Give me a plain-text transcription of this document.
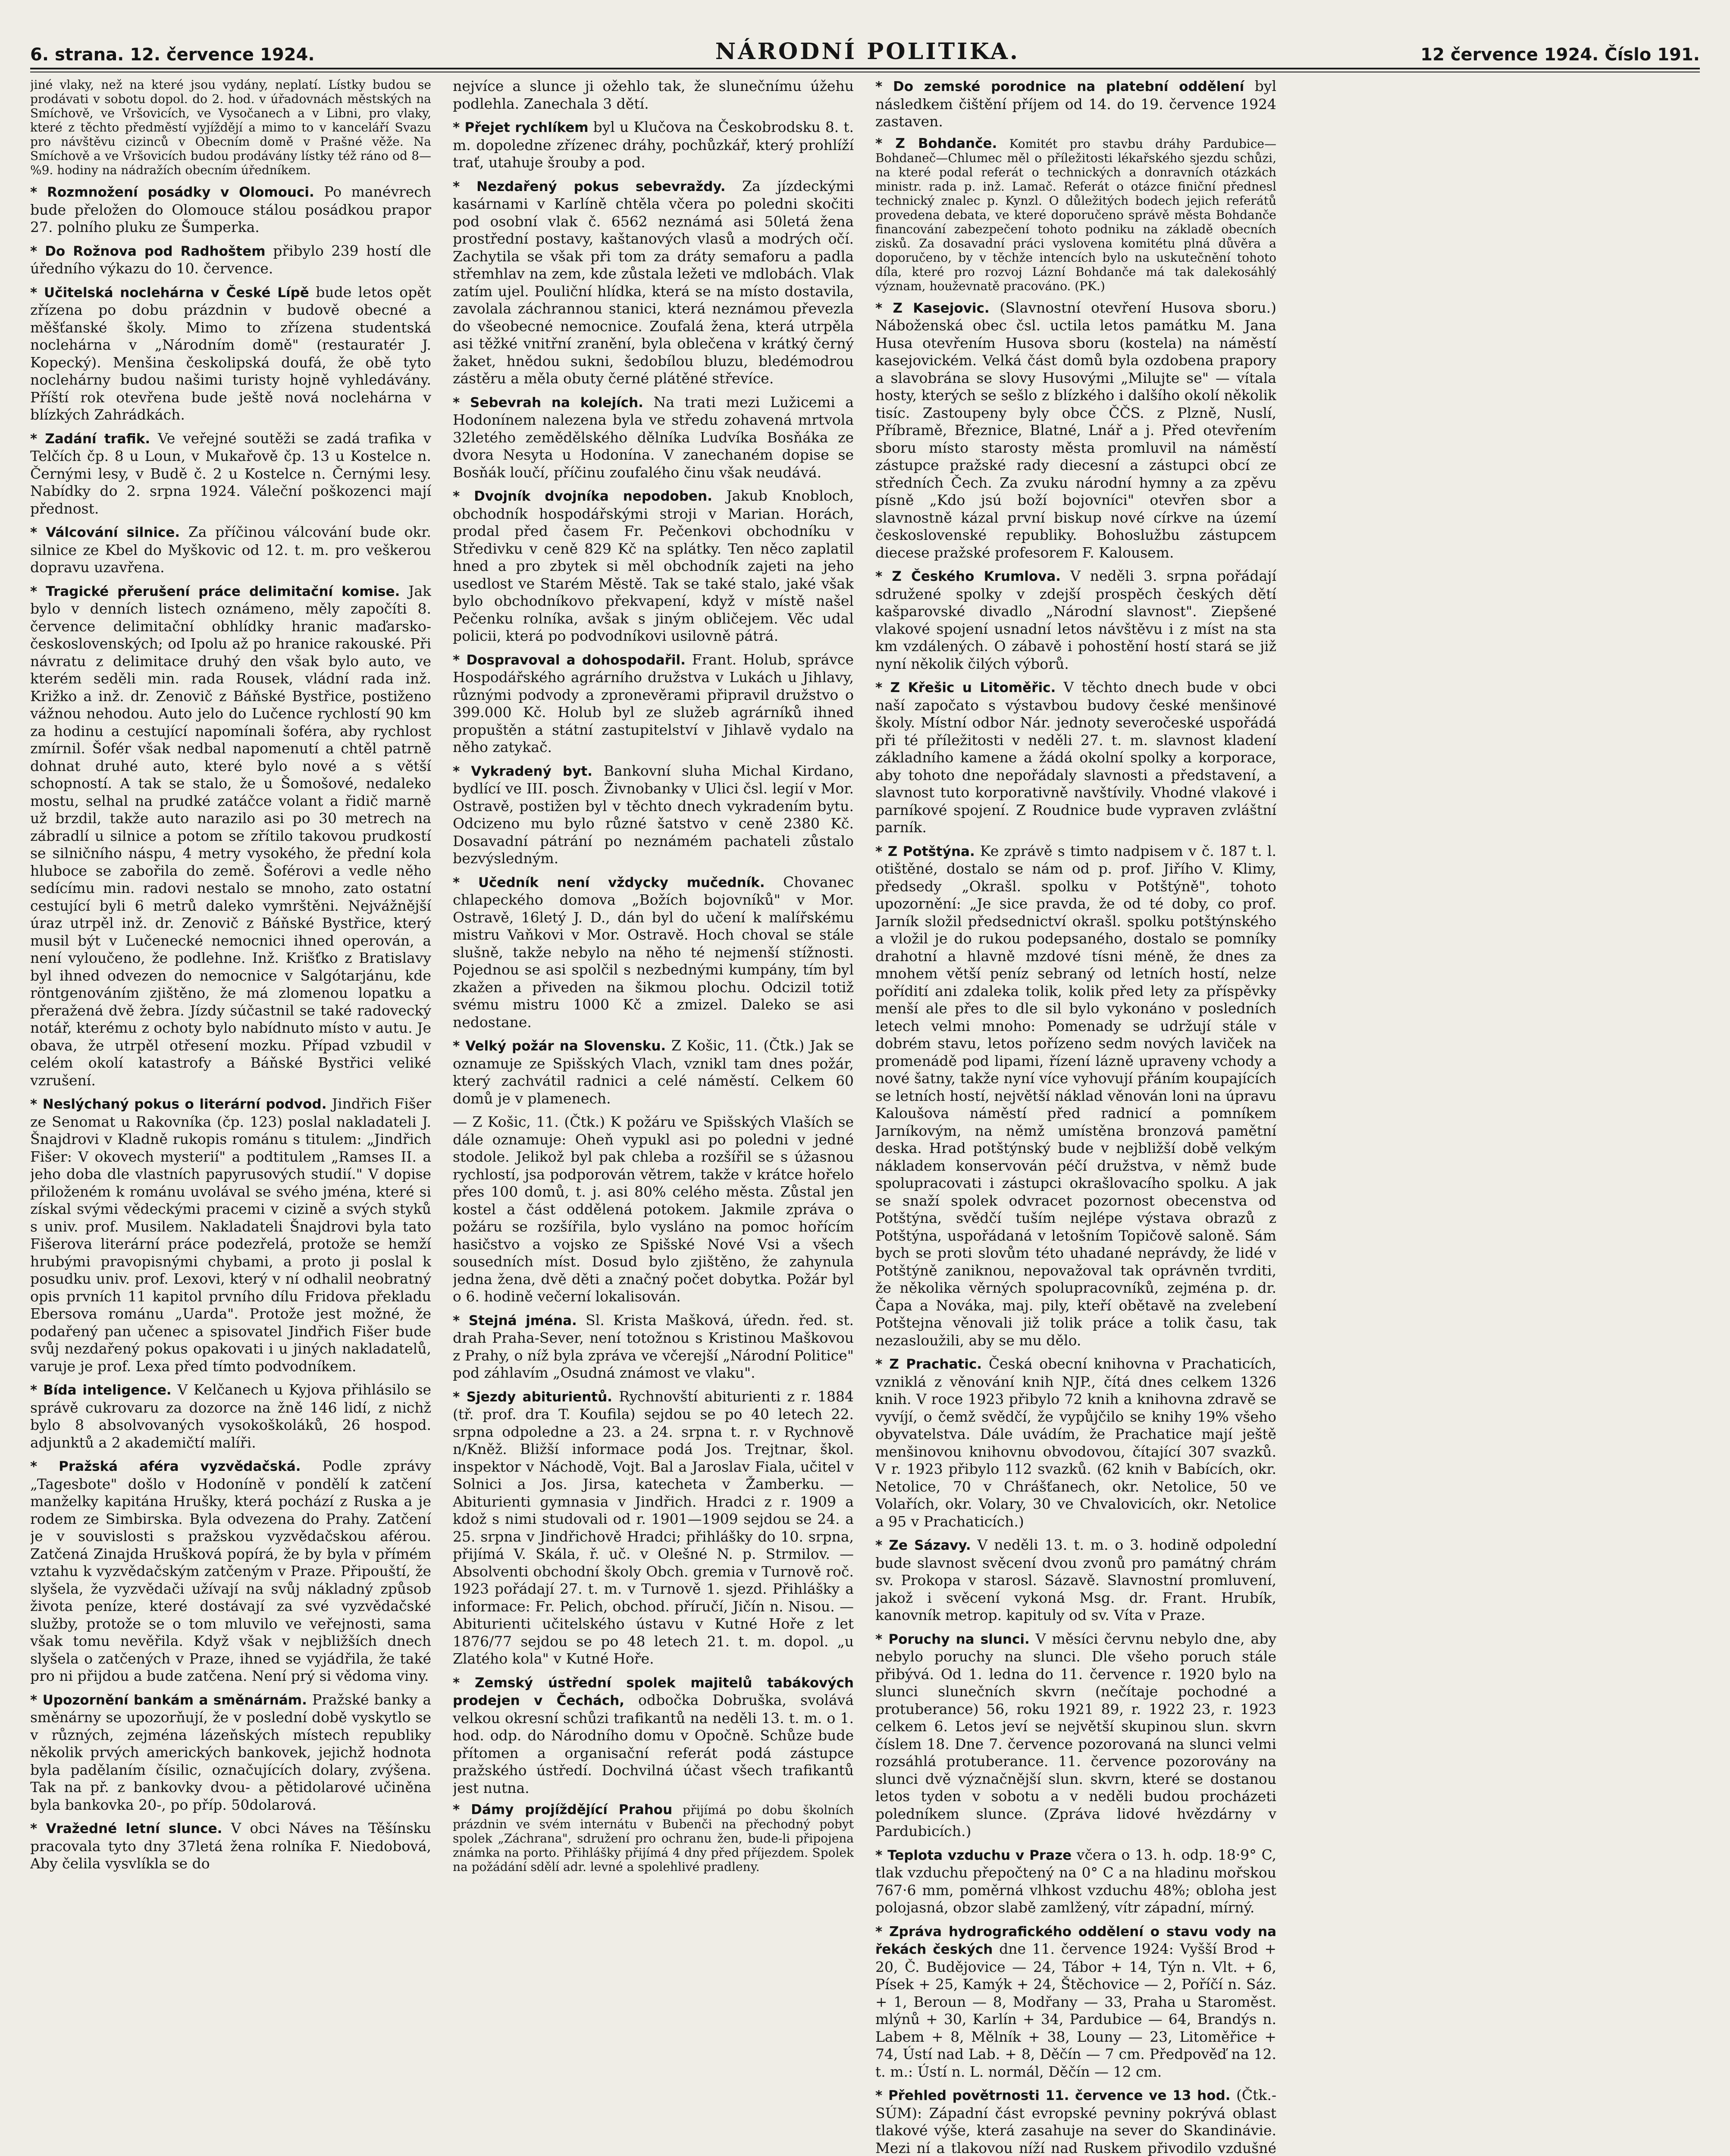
6. strana. 12. července 1924.	NÁRODNÍ POLITIKA.	12 července 1924. Číslo 191.

jiné vlaky, než na které jsou vydány, neplatí. Lístky budou se prodávati v sobotu dopol. do 2. hod. v úřadovnách městských na Smíchově, ve Vršovicích, ve Vysočanech a v Libni, pro vlaky, které z těchto předměstí vyjíždějí a mimo to v kanceláří Svazu pro návštěvu cizinců v Obecním domě v Prašné věže. Na Smíchově a ve Vršovicích budou prodávány lístky též ráno od 8—%9. hodiny na nádražích obecním úředníkem.

* Rozmnožení posádky v Olomouci. Po manévrech bude přeložen do Olomouce stálou posádkou prapor 27. polního pluku ze Šumperka.

* Do Rožnova pod Radhoštem přibylo 239 hostí dle úředního výkazu do 10. července.

* Učitelská noclehárna v České Lípě bude letos opět zřízena po dobu prázdnin v budově obecné a měšťanské školy. Mimo to zřízena studentská noclehárna v „Národním domě" (restauratér J. Kopecký). Menšina českolipská doufá, že obě tyto noclehárny budou našimi turisty hojně vyhledávány. Příští rok otevřena bude ještě nová noclehárna v blízkých Zahrádkách.

* Zadání trafik. Ve veřejné soutěži se zadá trafika v Telčích čp. 8 u Loun, v Mukařově čp. 13 u Kostelce n. Černými lesy, v Budě č. 2 u Kostelce n. Černými lesy. Nabídky do 2. srpna 1924. Váleční poškozenci mají přednost.

* Válcování silnice. Za příčinou válcování bude okr. silnice ze Kbel do Myškovic od 12. t. m. pro veškerou dopravu uzavřena.

* Tragické přerušení práce delimitační komise. Jak bylo v denních listech oznámeno, měly započíti 8. července delimitační obhlídky hranic maďarsko-československých; od Ipolu až po hranice rakouské. Při návratu z delimitace druhý den však bylo auto, ve kterém seděli min. rada Rousek, vládní rada inž. Križko a inž. dr. Zenovič z Báňské Bystřice, postiženo vážnou nehodou. Auto jelo do Lučence rychlostí 90 km za hodinu a cestující napomínali šoféra, aby rychlost zmírnil. Šofér však nedbal napomenutí a chtěl patrně dohnat druhé auto, které bylo nové a s větší schopností. A tak se stalo, že u Šomošové, nedaleko mostu, selhal na prudké zatáčce volant a řidič marně už brzdil, takže auto narazilo asi po 30 metrech na zábradlí u silnice a potom se zřítilo takovou prudkostí se silničního náspu, 4 metry vysokého, že přední kola hluboce se zabořila do země. Šoférovi a vedle něho sedícímu min. radovi nestalo se mnoho, zato ostatní cestující byli 6 metrů daleko vymrštěni. Nejvážnější úraz utrpěl inž. dr. Zenovič z Báňské Bystřice, který musil být v Lučenecké nemocnici ihned operován, a není vyloučeno, že podlehne. Inž. Krišťko z Bratislavy byl ihned odvezen do nemocnice v Salgótarjánu, kde röntgenováním zjištěno, že má zlomenou lopatku a přeražená dvě žebra. Jízdy súčastnil se také radovecký notář, kterému z ochoty bylo nabídnuto místo v autu. Je obava, že utrpěl otřesení mozku. Případ vzbudil v celém okolí katastrofy a Báňské Bystřici veliké vzrušení.

* Neslýchaný pokus o literární podvod. Jindřich Fišer ze Senomat u Rakovníka (čp. 123) poslal nakladateli J. Šnajdrovi v Kladně rukopis románu s titulem: „Jindřich Fišer: V okovech mysterií" a podtitulem „Ramses II. a jeho doba dle vlastních papyrusových studií." V dopise přiloženém k románu uvolával se svého jména, které si získal svými vědeckými pracemi v cizině a svých styků s univ. prof. Musilem. Nakladateli Šnajdrovi byla tato Fišerova literární práce podezřelá, protože se hemží hrubými pravopisnými chybami, a proto ji poslal k posudku univ. prof. Lexovi, který v ní odhalil neobratný opis prvních 11 kapitol prvního dílu Fridova překladu Ebersova románu „Uarda". Protože jest možné, že podařený pan učenec a spisovatel Jindřich Fišer bude svůj nezdařený pokus opakovati i u jiných nakladatelů, varuje je prof. Lexa před tímto podvodníkem.

* Bída inteligence. V Kelčanech u Kyjova přihlásilo se správě cukrovaru za dozorce na žně 146 lidí, z nichž bylo 8 absolvovaných vysokoškoláků, 26 hospod. adjunktů a 2 akademičtí malíři.

* Pražská aféra vyzvědačská. Podle zprávy „Tagesbote" došlo v Hodoníně v pondělí k zatčení manželky kapitána Hrušky, která pochází z Ruska a je rodem ze Simbirska. Byla odvezena do Prahy. Zatčení je v souvislosti s pražskou vyzvědačskou aférou. Zatčená Zinajda Hrušková popírá, že by byla v přímém vztahu k vyzvědačským zatčeným v Praze. Připouští, že slyšela, že vyzvědači užívají na svůj nákladný způsob života peníze, které dostávají za své vyzvědačské služby, protože se o tom mluvilo ve veřejnosti, sama však tomu nevěřila. Když však v nejbližších dnech slyšela o zatčených v Praze, ihned se vyjádřila, že také pro ni přijdou a bude zatčena. Není prý si vědoma viny.

* Upozornění bankám a směnárnám. Pražské banky a směnárny se upozorňují, že v poslední době vyskytlo se v různých, zejména lázeňských místech republiky několik prvých amerických bankovek, jejichž hodnota byla padělaním čísilic, označujících dolary, zvýšena. Tak na př. z bankovky dvou- a pětidolarové učiněna byla bankovka 20-, po příp. 50dolarová.

* Vražedné letní slunce. V obci Náves na Těšínsku pracovala tyto dny 37letá žena rolníka F. Niedobová, Aby čelila vysvlíkla se do

nejvíce a slunce ji ožehlo tak, že slunečnímu úžehu podlehla. Zanechala 3 dětí.

* Přejet rychlíkem byl u Klučova na Českobrodsku 8. t. m. dopoledne zřízenec dráhy, pochůzkář, který prohlíží trať, utahuje šrouby a pod.

* Nezdařený pokus sebevraždy. Za jízdeckými kasárnami v Karlíně chtěla včera po poledni skočiti pod osobní vlak č. 6562 neznámá asi 50letá žena prostřední postavy, kaštanových vlasů a modrých očí. Zachytila se však při tom za dráty semaforu a padla střemhlav na zem, kde zůstala ležeti ve mdlobách. Vlak zatím ujel. Pouliční hlídka, která se na místo dostavila, zavolala záchrannou stanici, která neznámou převezla do všeobecné nemocnice. Zoufalá žena, která utrpěla asi těžké vnitřní zranění, byla oblečena v krátký černý žaket, hnědou sukni, šedobílou bluzu, bledémodrou zástěru a měla obuty černé plátěné střevíce.

* Sebevrah na kolejích. Na trati mezi Lužicemi a Hodonínem nalezena byla ve středu zohavená mrtvola 32letého zemědělského dělníka Ludvíka Bosňáka ze dvora Nesyta u Hodonína. V zanechaném dopise se Bosňák loučí, příčinu zoufalého činu však neudává.

* Dvojník dvojníka nepodoben. Jakub Knobloch, obchodník hospodářskými stroji v Marian. Horách, prodal před časem Fr. Pečenkovi obchodníku v Středivku v ceně 829 Kč na splátky. Ten něco zaplatil hned a pro zbytek si měl obchodník zajeti na jeho usedlost ve Starém Městě. Tak se také stalo, jaké však bylo obchodníkovo překvapení, když v místě našel Pečenku rolníka, avšak s jiným obličejem. Věc udal policii, která po podvodníkovi usilovně pátrá.

* Dospravoval a dohospodařil. Frant. Holub, správce Hospodářského agrárního družstva v Lukách u Jihlavy, různými podvody a zpronevěrami připravil družstvo o 399.000 Kč. Holub byl ze služeb agrárníků ihned propuštěn a státní zastupitelství v Jihlavě vydalo na něho zatykač.

* Vykradený byt. Bankovní sluha Michal Kirdano, bydlící ve III. posch. Živnobanky v Ulici čsl. legií v Mor. Ostravě, postižen byl v těchto dnech vykradením bytu. Odcizeno mu bylo různé šatstvo v ceně 2380 Kč. Dosavadní pátrání po neznámém pachateli zůstalo bezvýsledným.

* Učedník není vždycky mučedník. Chovanec chlapeckého domova „Božích bojovníků" v Mor. Ostravě, 16letý J. D., dán byl do učení k malířskému mistru Vaňkovi v Mor. Ostravě. Hoch choval se stále slušně, takže nebylo na něho té nejmenší stížnosti. Pojednou se asi spolčil s nezbednými kumpány, tím byl zkažen a přiveden na šikmou plochu. Odcizil totiž svému mistru 1000 Kč a zmizel. Daleko se asi nedostane.

* Velký požár na Slovensku. Z Košic, 11. (Čtk.) Jak se oznamuje ze Spišských Vlach, vznikl tam dnes požár, který zachvátil radnici a celé náměstí. Celkem 60 domů je v plamenech.

— Z Košic, 11. (Čtk.) K požáru ve Spišských Vlaších se dále oznamuje: Oheň vypukl asi po poledni v jedné stodole. Jelikož byl pak chleba a rozšířil se s úžasnou rychlostí, jsa podporován větrem, takže v krátce hořelo přes 100 domů, t. j. asi 80% celého města. Zůstal jen kostel a část oddělená potokem. Jakmile zpráva o požáru se rozšířila, bylo vysláno na pomoc hořícím hasičstvo a vojsko ze Spišské Nové Vsi a všech sousedních míst. Dosud bylo zjištěno, že zahynula jedna žena, dvě děti a značný počet dobytka. Požár byl o 6. hodině večerní lokalisován.

* Stejná jména. Sl. Krista Mašková, úředn. řed. st. drah Praha-Sever, není totožnou s Kristinou Maškovou z Prahy, o níž byla zpráva ve včerejší „Národní Politice" pod záhlavím „Osudná známost ve vlaku".

* Sjezdy abiturientů. Rychnovští abiturienti z r. 1884 (tř. prof. dra T. Koufila) sejdou se po 40 letech 22. srpna odpoledne a 23. a 24. srpna t. r. v Rychnově n/Kněž. Bližší informace podá Jos. Trejtnar, škol. inspektor v Náchodě, Vojt. Bal a Jaroslav Fiala, učitel v Solnici a Jos. Jirsa, katecheta v Žamberku. — Abiturienti gymnasia v Jindřich. Hradci z r. 1909 a kdož s nimi studovali od r. 1901—1909 sejdou se 24. a 25. srpna v Jindřichově Hradci; přihlášky do 10. srpna, přijímá V. Skála, ř. uč. v Olešné N. p. Strmilov. — Absolventi obchodní školy Obch. gremia v Turnově roč. 1923 pořádají 27. t. m. v Turnově 1. sjezd. Přihlášky a informace: Fr. Pelich, obchod. příručí, Jičín n. Nisou. — Abiturienti učitelského ústavu v Kutné Hoře z let 1876/77 sejdou se po 48 letech 21. t. m. dopol. „u Zlatého kola" v Kutné Hoře.

* Zemský ústřední spolek majitelů tabákových prodejen v Čechách, odbočka Dobruška, svolává velkou okresní schůzi trafikantů na neděli 13. t. m. o 1. hod. odp. do Národního domu v Opočně. Schůze bude přítomen a organisační referát podá zástupce pražského ústředí. Dochvilná účast všech trafikantů jest nutna.

* Dámy projíždějící Prahou přijímá po dobu školních prázdnin ve svém internátu v Bubenči na přechodný pobyt spolek „Záchrana", sdružení pro ochranu žen, bude-li připojena známka na porto. Přihlášky přijímá 4 dny před příjezdem. Spolek na požádání sdělí adr. levné a spolehlivé pradleny.

* Do zemské porodnice na platební oddělení byl následkem čištění příjem od 14. do 19. července 1924 zastaven.

* Z Bohdanče. Komitét pro stavbu dráhy Pardubice—Bohdaneč—Chlumec měl o příležitosti lékařského sjezdu schůzi, na které podal referát o technických a donravních otázkách ministr. rada p. inž. Lamač. Referát o otázce finiční přednesl technický znalec p. Kynzl. O důležitých bodech jejich referátů provedena debata, ve které doporučeno správě města Bohdanče financování zabezpečení tohoto podniku na základě obecních zisků. Za dosavadní práci vyslovena komitétu plná důvěra a doporučeno, by v těchže intencích bylo na uskutečnění tohoto díla, které pro rozvoj Lázní Bohdanče má tak dalekosáhlý význam, houževnatě pracováno. (PK.)

* Z Kasejovic. (Slavnostní otevření Husova sboru.) Náboženská obec čsl. uctila letos památku M. Jana Husa otevřením Husova sboru (kostela) na náměstí kasejovickém. Velká část domů byla ozdobena prapory a slavobrána se slovy Husovými „Milujte se" — vítala hosty, kterých se sešlo z blízkého i dalšího okolí několik tisíc. Zastoupeny byly obce ČČS. z Plzně, Nuslí, Příbramě, Březnice, Blatné, Lnář a j. Před otevřením sboru místo starosty města promluvil na náměstí zástupce pražské rady diecesní a zástupci obcí ze středních Čech. Za zvuku národní hymny a za zpěvu písně „Kdo jsú boží bojovníci" otevřen sbor a slavnostně kázal první biskup nové církve na území československé republiky. Bohoslužbu zástupcem diecese pražské profesorem F. Kalousem.

* Z Českého Krumlova. V neděli 3. srpna pořádají sdružené spolky v zdejší prospěch českých dětí kašparovské divadlo „Národní slavnost". Ziepšené vlakové spojení usnadní letos návštěvu i z míst na sta km vzdálených. O zábavě i pohostění hostí stará se již nyní několik čilých výborů.

* Z Křešic u Litoměřic. V těchto dnech bude v obci naší započato s výstavbou budovy české menšinové školy. Místní odbor Nár. jednoty severočeské uspořádá při té příležitosti v neděli 27. t. m. slavnost kladení základního kamene a žádá okolní spolky a korporace, aby tohoto dne nepořádaly slavnosti a představení, a slavnost tuto korporativně navštívily. Vhodné vlakové i parníkové spojení. Z Roudnice bude vypraven zvláštní parník.

* Z Potštýna. Ke zprávě s timto nadpisem v č. 187 t. l. otištěné, dostalo se nám od p. prof. Jiřího V. Klimy, předsedy „Okrašl. spolku v Potštýně", tohoto upozornění: „Je sice pravda, že od té doby, co prof. Jarník složil předsednictví okrašl. spolku potštýnského a vložil je do rukou podepsaného, dostalo se pomníky drahotní a hlavně mzdové tísni méně, že dnes za mnohem větší peníz sebraný od letních hostí, nelze pořídití ani zdaleka tolik, kolik před lety za příspěvky menší ale přes to dle sil bylo vykonáno v posledních letech velmi mnoho: Pomenady se udržují stále v dobrém stavu, letos pořízeno sedm nových laviček na promenádě pod lipami, řízení lázně upraveny vchody a nové šatny, takže nyní více vyhovují přáním koupajících se letních hostí, největší náklad věnován loni na úpravu Kaloušova náměstí před radnicí a pomníkem Jarníkovým, na němž umístěna bronzová pamětní deska. Hrad potštýnský bude v nejbližší době velkým nákladem konservován péčí družstva, v němž bude spolupracovati i zástupci okrašlovacího spolku. A jak se snaží spolek odvracet pozornost obecenstva od Potštýna, svědčí tuším nejlépe výstava obrazů z Potštýna, uspořádaná v letošním Topičově saloně. Sám bych se proti slovům této uhadané neprávdy, že lidé v Potštýně zaniknou, nepovažoval tak oprávněn tvrditi, že několika věrných spolupracovníků, zejména p. dr. Čapa a Nováka, maj. pily, kteří obětavě na zvelebení Potštejna věnovali již tolik práce a tolik času, tak nezasloužili, aby se mu dělo.

* Z Prachatic. Česká obecní knihovna v Prachaticích, vzniklá z věnování knih NJP., čítá dnes celkem 1326 knih. V roce 1923 přibylo 72 knih a knihovna zdravě se vyvíjí, o čemž svědčí, že vypůjčilo se knihy 19% všeho obyvatelstva. Dále uvádím, že Prachatice mají ještě menšinovou knihovnu obvodovou, čítající 307 svazků. V r. 1923 přibylo 112 svazků. (62 knih v Babících, okr. Netolice, 70 v Chrášťanech, okr. Netolice, 50 ve Volařích, okr. Volary, 30 ve Chvalovicích, okr. Netolice a 95 v Prachaticích.)

* Ze Sázavy. V neděli 13. t. m. o 3. hodině odpolední bude slavnost svěcení dvou zvonů pro památný chrám sv. Prokopa v starosl. Sázavě. Slavnostní promluvení, jakož i svěcení vykoná Msg. dr. Frant. Hrubík, kanovník metrop. kapituly od sv. Víta v Praze.

* Poruchy na slunci. V měsíci červnu nebylo dne, aby nebylo poruchy na slunci. Dle všeho poruch stále přibývá. Od 1. ledna do 11. července r. 1920 bylo na slunci slunečních skvrn (nečítaje pochodné a protuberance) 56, roku 1921 89, r. 1922 23, r. 1923 celkem 6. Letos jeví se největší skupinou slun. skvrn číslem 18. Dne 7. července pozorovaná na slunci velmi rozsáhlá protuberance. 11. července pozorovány na slunci dvě význačnější slun. skvrn, které se dostanou letos tyden v sobotu a v neděli budou procházeti poledníkem slunce. (Zpráva lidové hvězdárny v Pardubicích.)

* Teplota vzduchu v Praze včera o 13. h. odp. 18·9° C, tlak vzduchu přepočtený na 0° C a na hladinu mořskou 767·6 mm, poměrná vlhkost vzduchu 48%; obloha jest polojasná, obzor slabě zamlžený, vítr západní, mírný.

* Zpráva hydrografického oddělení o stavu vody na řekách českých dne 11. července 1924: Vyšší Brod + 20, Č. Budějovice — 24, Tábor + 14, Týn n. Vlt. + 6, Písek + 25, Kamýk + 24, Štěchovice — 2, Poříčí n. Sáz. + 1, Beroun — 8, Modřany — 33, Praha u Staroměst. mlýnů + 30, Karlín + 34, Pardubice — 64, Brandýs n. Labem + 8, Mělník + 38, Louny — 23, Litoměřice + 74, Ústí nad Lab. + 8, Děčín — 7 cm. Předpověď na 12. t. m.: Ústí n. L. normál, Děčín — 12 cm.

* Přehled povětrnosti 11. července ve 13 hod. (Čtk.-SÚM): Západní část evropské pevniny pokrývá oblast tlakové výše, která zasahuje na sever do Skandinávie. Mezi ní a tlakovou níží nad Ruskem přivodilo vzdušné
